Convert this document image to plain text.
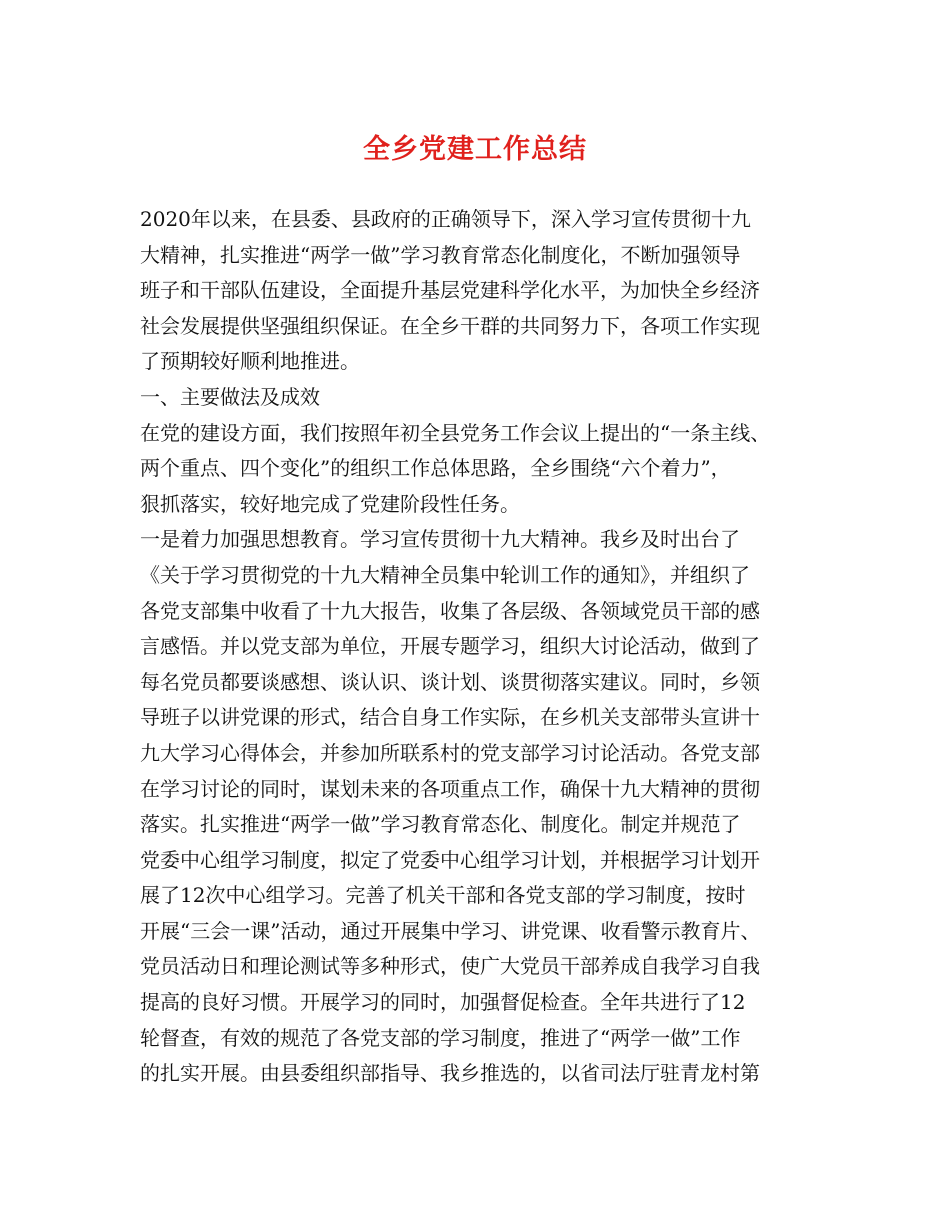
全乡党建工作总结
2020年以来，在县委、县政府的正确领导下，深入学习宣传贯彻十九
大精神，扎实推进“两学一做”学习教育常态化制度化，不断加强领导
班子和干部队伍建设，全面提升基层党建科学化水平，为加快全乡经济
社会发展提供坚强组织保证。在全乡干群的共同努力下，各项工作实现
了预期较好顺利地推进。
一、主要做法及成效
在党的建设方面，我们按照年初全县党务工作会议上提出的“一条主线、
两个重点、四个变化”的组织工作总体思路，全乡围绕“六个着力”，
狠抓落实，较好地完成了党建阶段性任务。
一是着力加强思想教育。学习宣传贯彻十九大精神。我乡及时出台了
《关于学习贯彻党的十九大精神全员集中轮训工作的通知》，并组织了
各党支部集中收看了十九大报告，收集了各层级、各领域党员干部的感
言感悟。并以党支部为单位，开展专题学习，组织大讨论活动，做到了
每名党员都要谈感想、谈认识、谈计划、谈贯彻落实建议。同时，乡领
导班子以讲党课的形式，结合自身工作实际，在乡机关支部带头宣讲十
九大学习心得体会，并参加所联系村的党支部学习讨论活动。各党支部
在学习讨论的同时，谋划未来的各项重点工作，确保十九大精神的贯彻
落实。扎实推进“两学一做”学习教育常态化、制度化。制定并规范了
党委中心组学习制度，拟定了党委中心组学习计划，并根据学习计划开
展了12次中心组学习。完善了机关干部和各党支部的学习制度，按时
开展“三会一课”活动，通过开展集中学习、讲党课、收看警示教育片、
党员活动日和理论测试等多种形式，使广大党员干部养成自我学习自我
提高的良好习惯。开展学习的同时，加强督促检查。全年共进行了12
轮督查，有效的规范了各党支部的学习制度，推进了“两学一做”工作
的扎实开展。由县委组织部指导、我乡推选的，以省司法厅驻青龙村第
